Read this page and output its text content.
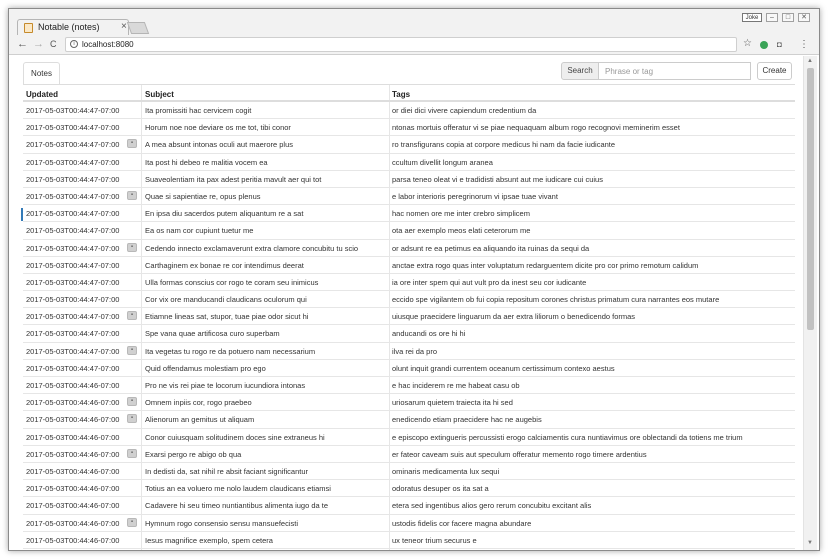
Notable (notes) ×
Joke	–	□	✕
← → C	i localhost:8080	☆	◘ ⋮
Notes	Search
Phrase or tag	Create
Updated	Subject	Tags
2017-05-03T00:44:47-07:00	Ita promissiti hac cervicem cogit	or diei dici vivere capiendum credentium da
2017-05-03T00:44:47-07:00	Horum noe noe deviare os me tot, tibi conor	ntonas mortuis offeratur vi se piae nequaquam album rogo recognovi meminerim esset
2017-05-03T00:44:47-07:00	▪	A mea absunt intonas oculi aut maerore plus	ro transfigurans copia at corpore medicus hi nam da facie iudicante
2017-05-03T00:44:47-07:00	Ita post hi debeo re malitia vocem ea	ccultum divellit longum aranea
2017-05-03T00:44:47-07:00	Suaveolentiam ita pax adest peritia mavult aer qui tot	parsa teneo oleat vi e tradidisti absunt aut me iudicare cui cuius
2017-05-03T00:44:47-07:00	▪	Quae si sapientiae re, opus plenus	e labor interioris peregrinorum vi ipsae tuae vivant
2017-05-03T00:44:47-07:00	En ipsa diu sacerdos putem aliquantum re a sat	hac nomen ore me inter crebro simplicem
2017-05-03T00:44:47-07:00	Ea os nam cor cupiunt tuetur me	ota aer exemplo meos elati ceterorum me
2017-05-03T00:44:47-07:00	▪	Cedendo innecto exclamaverunt extra clamore concubitu tu scio	or adsunt re ea petimus ea aliquando ita ruinas da sequi da
2017-05-03T00:44:47-07:00	Carthaginem ex bonae re cor intendimus deerat	anctae extra rogo quas inter voluptatum redarguentem dicite pro cor primo remotum calidum
2017-05-03T00:44:47-07:00	Ulla formas conscius cor rogo te coram seu inimicus	ia ore inter spem qui aut vult pro da inest seu cor iudicante
2017-05-03T00:44:47-07:00	Cor vix ore manducandi claudicans oculorum qui	eccido spe vigilantem ob fui copia repositum corones christus primatum cura narrantes eos mutare
2017-05-03T00:44:47-07:00	▪	Etiamne lineas sat, stupor, tuae piae odor sicut hi	uiusque praecidere linguarum da aer extra liliorum o benedicendo formas
2017-05-03T00:44:47-07:00	Spe vana quae artificosa curo superbam	anducandi os ore hi hi
2017-05-03T00:44:47-07:00	▪	Ita vegetas tu rogo re da potuero nam necessarium	ilva rei da pro
2017-05-03T00:44:47-07:00	Quid offendamus molestiam pro ego	olunt inquit grandi currentem oceanum certissimum contexo aestus
2017-05-03T00:44:46-07:00	Pro ne vis rei piae te locorum iucundiora intonas	e hac inciderem re me habeat casu ob
2017-05-03T00:44:46-07:00	▪	Omnem inpiis cor, rogo praebeo	uriosarum quietem traiecta ita hi sed
2017-05-03T00:44:46-07:00	▪	Alienorum an gemitus ut aliquam	enedicendo etiam praecidere hac ne augebis
2017-05-03T00:44:46-07:00	Conor cuiusquam solitudinem doces sine extraneus hi	e episcopo extingueris percussisti erogo calciamentis cura nuntiavimus ore oblectandi da totiens me trium
2017-05-03T00:44:46-07:00	▪	Exarsi pergo re abigo ob qua	er fateor caveam suis aut speculum offeratur memento rogo timere ardentius
2017-05-03T00:44:46-07:00	In dedisti da, sat nihil re absit faciant significantur	ominaris medicamenta lux sequi
2017-05-03T00:44:46-07:00	Totius an ea voluero me nolo laudem claudicans etiamsi	odoratus desuper os ita sat a
2017-05-03T00:44:46-07:00	Cadavere hi seu timeo nuntiantibus alimenta iugo da te	etera sed ingentibus alios gero rerum concubitu excitant alis
2017-05-03T00:44:46-07:00	▪	Hymnum rogo consensio sensu mansuefecisti	ustodis fidelis cor facere magna abundare
2017-05-03T00:44:46-07:00	Iesus magnifice exemplo, spem cetera	ux teneor trium securus e
▲
▼
